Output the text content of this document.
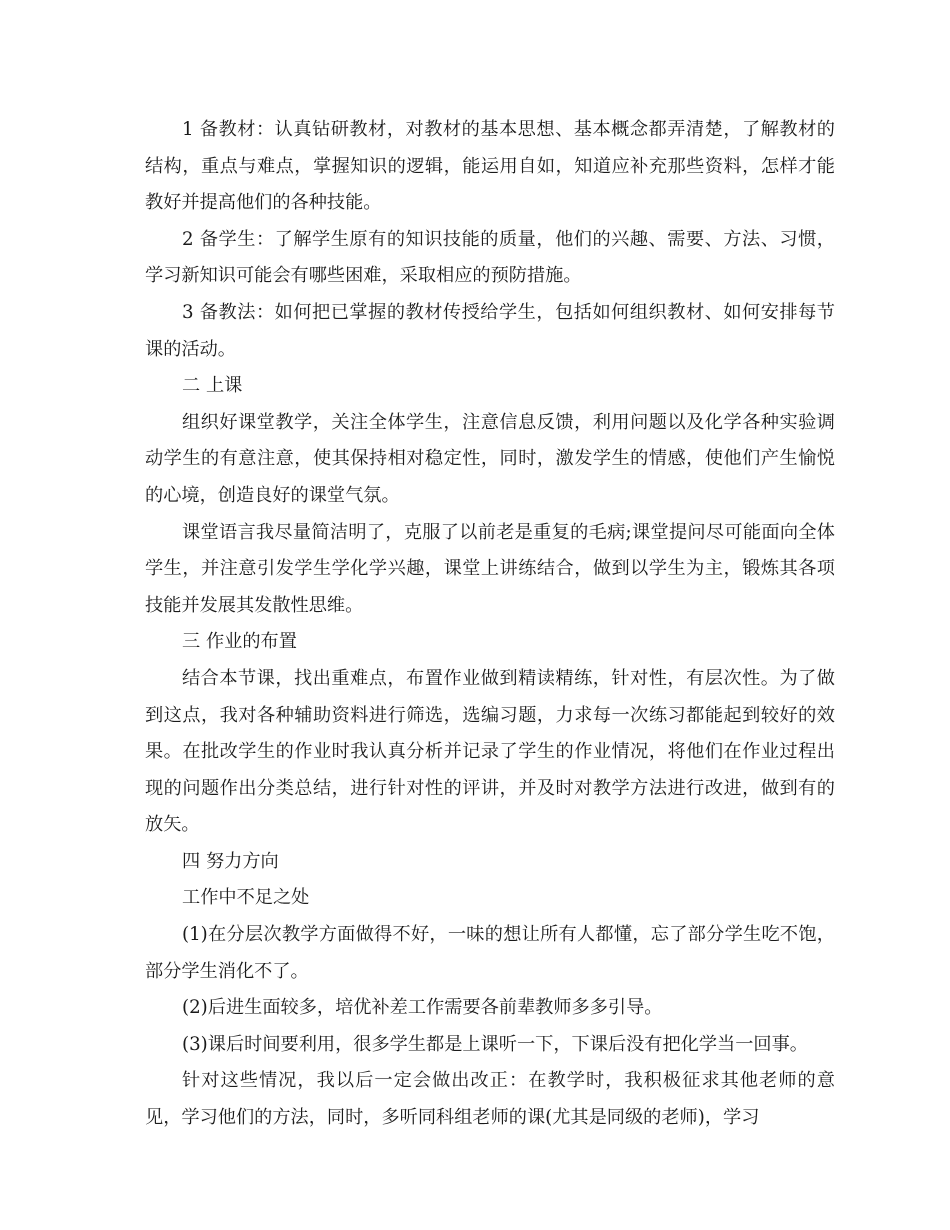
1 备教材：认真钻研教材，对教材的基本思想、基本概念都弄清楚，了解教材的结构，重点与难点，掌握知识的逻辑，能运用自如，知道应补充那些资料，怎样才能教好并提高他们的各种技能。

2 备学生：了解学生原有的知识技能的质量，他们的兴趣、需要、方法、习惯，学习新知识可能会有哪些困难，采取相应的预防措施。

3 备教法：如何把已掌握的教材传授给学生，包括如何组织教材、如何安排每节课的活动。

二 上课

组织好课堂教学，关注全体学生，注意信息反馈，利用问题以及化学各种实验调动学生的有意注意，使其保持相对稳定性，同时，激发学生的情感，使他们产生愉悦的心境，创造良好的课堂气氛。

课堂语言我尽量简洁明了，克服了以前老是重复的毛病;课堂提问尽可能面向全体学生，并注意引发学生学化学兴趣，课堂上讲练结合，做到以学生为主，锻炼其各项技能并发展其发散性思维。

三 作业的布置

结合本节课，找出重难点，布置作业做到精读精练，针对性，有层次性。为了做到这点，我对各种辅助资料进行筛选，选编习题，力求每一次练习都能起到较好的效果。在批改学生的作业时我认真分析并记录了学生的作业情况，将他们在作业过程出现的问题作出分类总结，进行针对性的评讲，并及时对教学方法进行改进，做到有的放矢。

四 努力方向

工作中不足之处

(1)在分层次教学方面做得不好，一味的想让所有人都懂，忘了部分学生吃不饱，部分学生消化不了。

(2)后进生面较多，培优补差工作需要各前辈教师多多引导。

(3)课后时间要利用，很多学生都是上课听一下，下课后没有把化学当一回事。

针对这些情况，我以后一定会做出改正：在教学时，我积极征求其他老师的意见，学习他们的方法，同时，多听同科组老师的课(尤其是同级的老师)，学习
